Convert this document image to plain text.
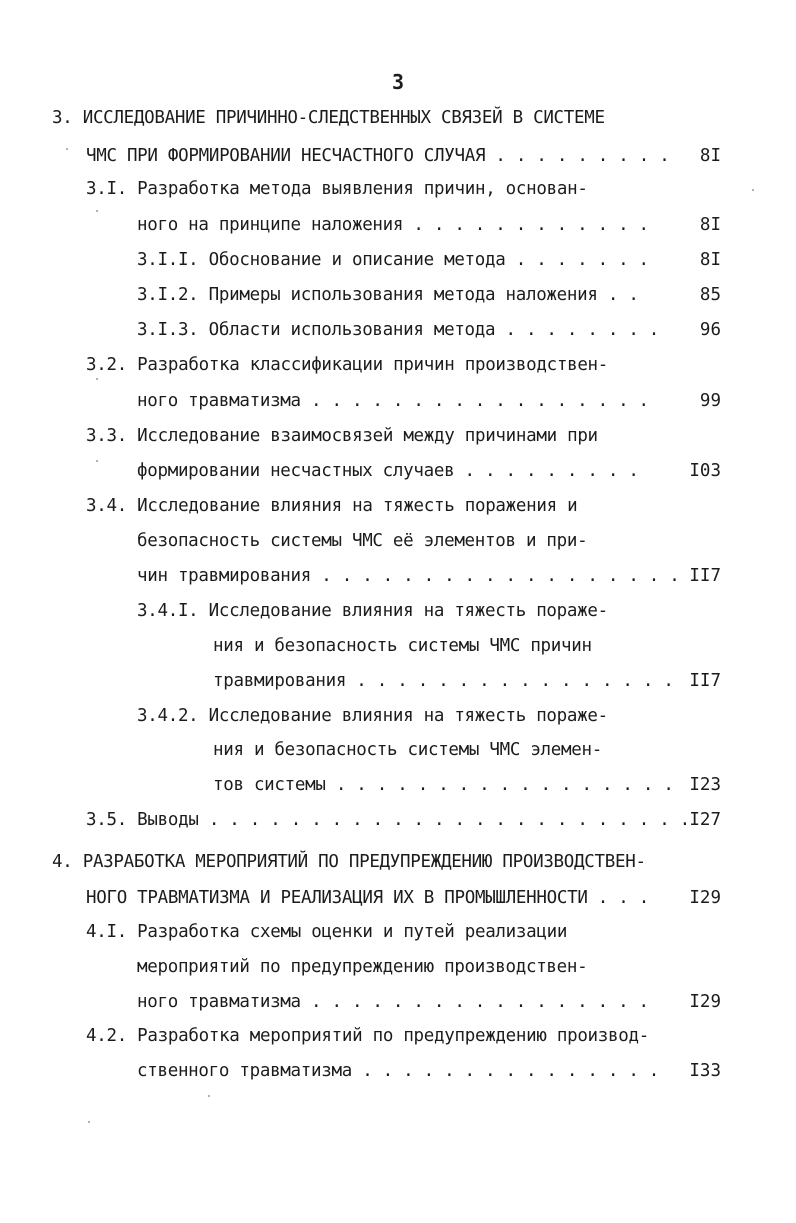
3
3. ИССЛЕДОВАНИЕ ПРИЧИННО-СЛЕДСТВЕННЫХ СВЯЗЕЙ В СИСТЕМЕ
ЧМС ПРИ ФОРМИРОВАНИИ НЕСЧАСТНОГО СЛУЧАЯ . . . . . . . . .	8I
3.I. Разработка метода выявления причин, основан-
ного на принципе наложения . . . . . . . . . . . .	8I
3.I.I. Обоснование и описание метода . . . . . . .	8I
3.I.2. Примеры использования метода наложения . .	85
3.I.3. Области использования метода . . . . . . . .	96
3.2. Разработка классификации причин производствен-
ного травматизма . . . . . . . . . . . . . . . . .	99
3.3. Исследование взаимосвязей между причинами при
формировании несчастных случаев . . . . . . . . .	I03
3.4. Исследование влияния на тяжесть поражения и
безопасность системы ЧМС её элементов и при-
чин травмирования . . . . . . . . . . . . . . . . . . II7
3.4.I. Исследование влияния на тяжесть пораже-
ния и безопасность системы ЧМС причин
травмирования . . . . . . . . . . . . . . . . II7
3.4.2. Исследование влияния на тяжесть пораже-
ния и безопасность системы ЧМС элемен-
тов системы . . . . . . . . . . . . . . . . . I23
3.5. Выводы . . . . . . . . . . . . . . . . . . . . . . . . I27
4. РАЗРАБОТКА МЕРОПРИЯТИЙ ПО ПРЕДУПРЕЖДЕНИЮ ПРОИЗВОДСТВЕН-
НОГО ТРАВМАТИЗМА И РЕАЛИЗАЦИЯ ИХ В ПРОМЫШЛЕННОСТИ . . .	I29
4.I. Разработка схемы оценки и путей реализации
мероприятий по предупреждению производствен-
ного травматизма . . . . . . . . . . . . . . . . .	I29
4.2. Разработка мероприятий по предупреждению производ-
ственного травматизма . . . . . . . . . . . . . . .	I33
